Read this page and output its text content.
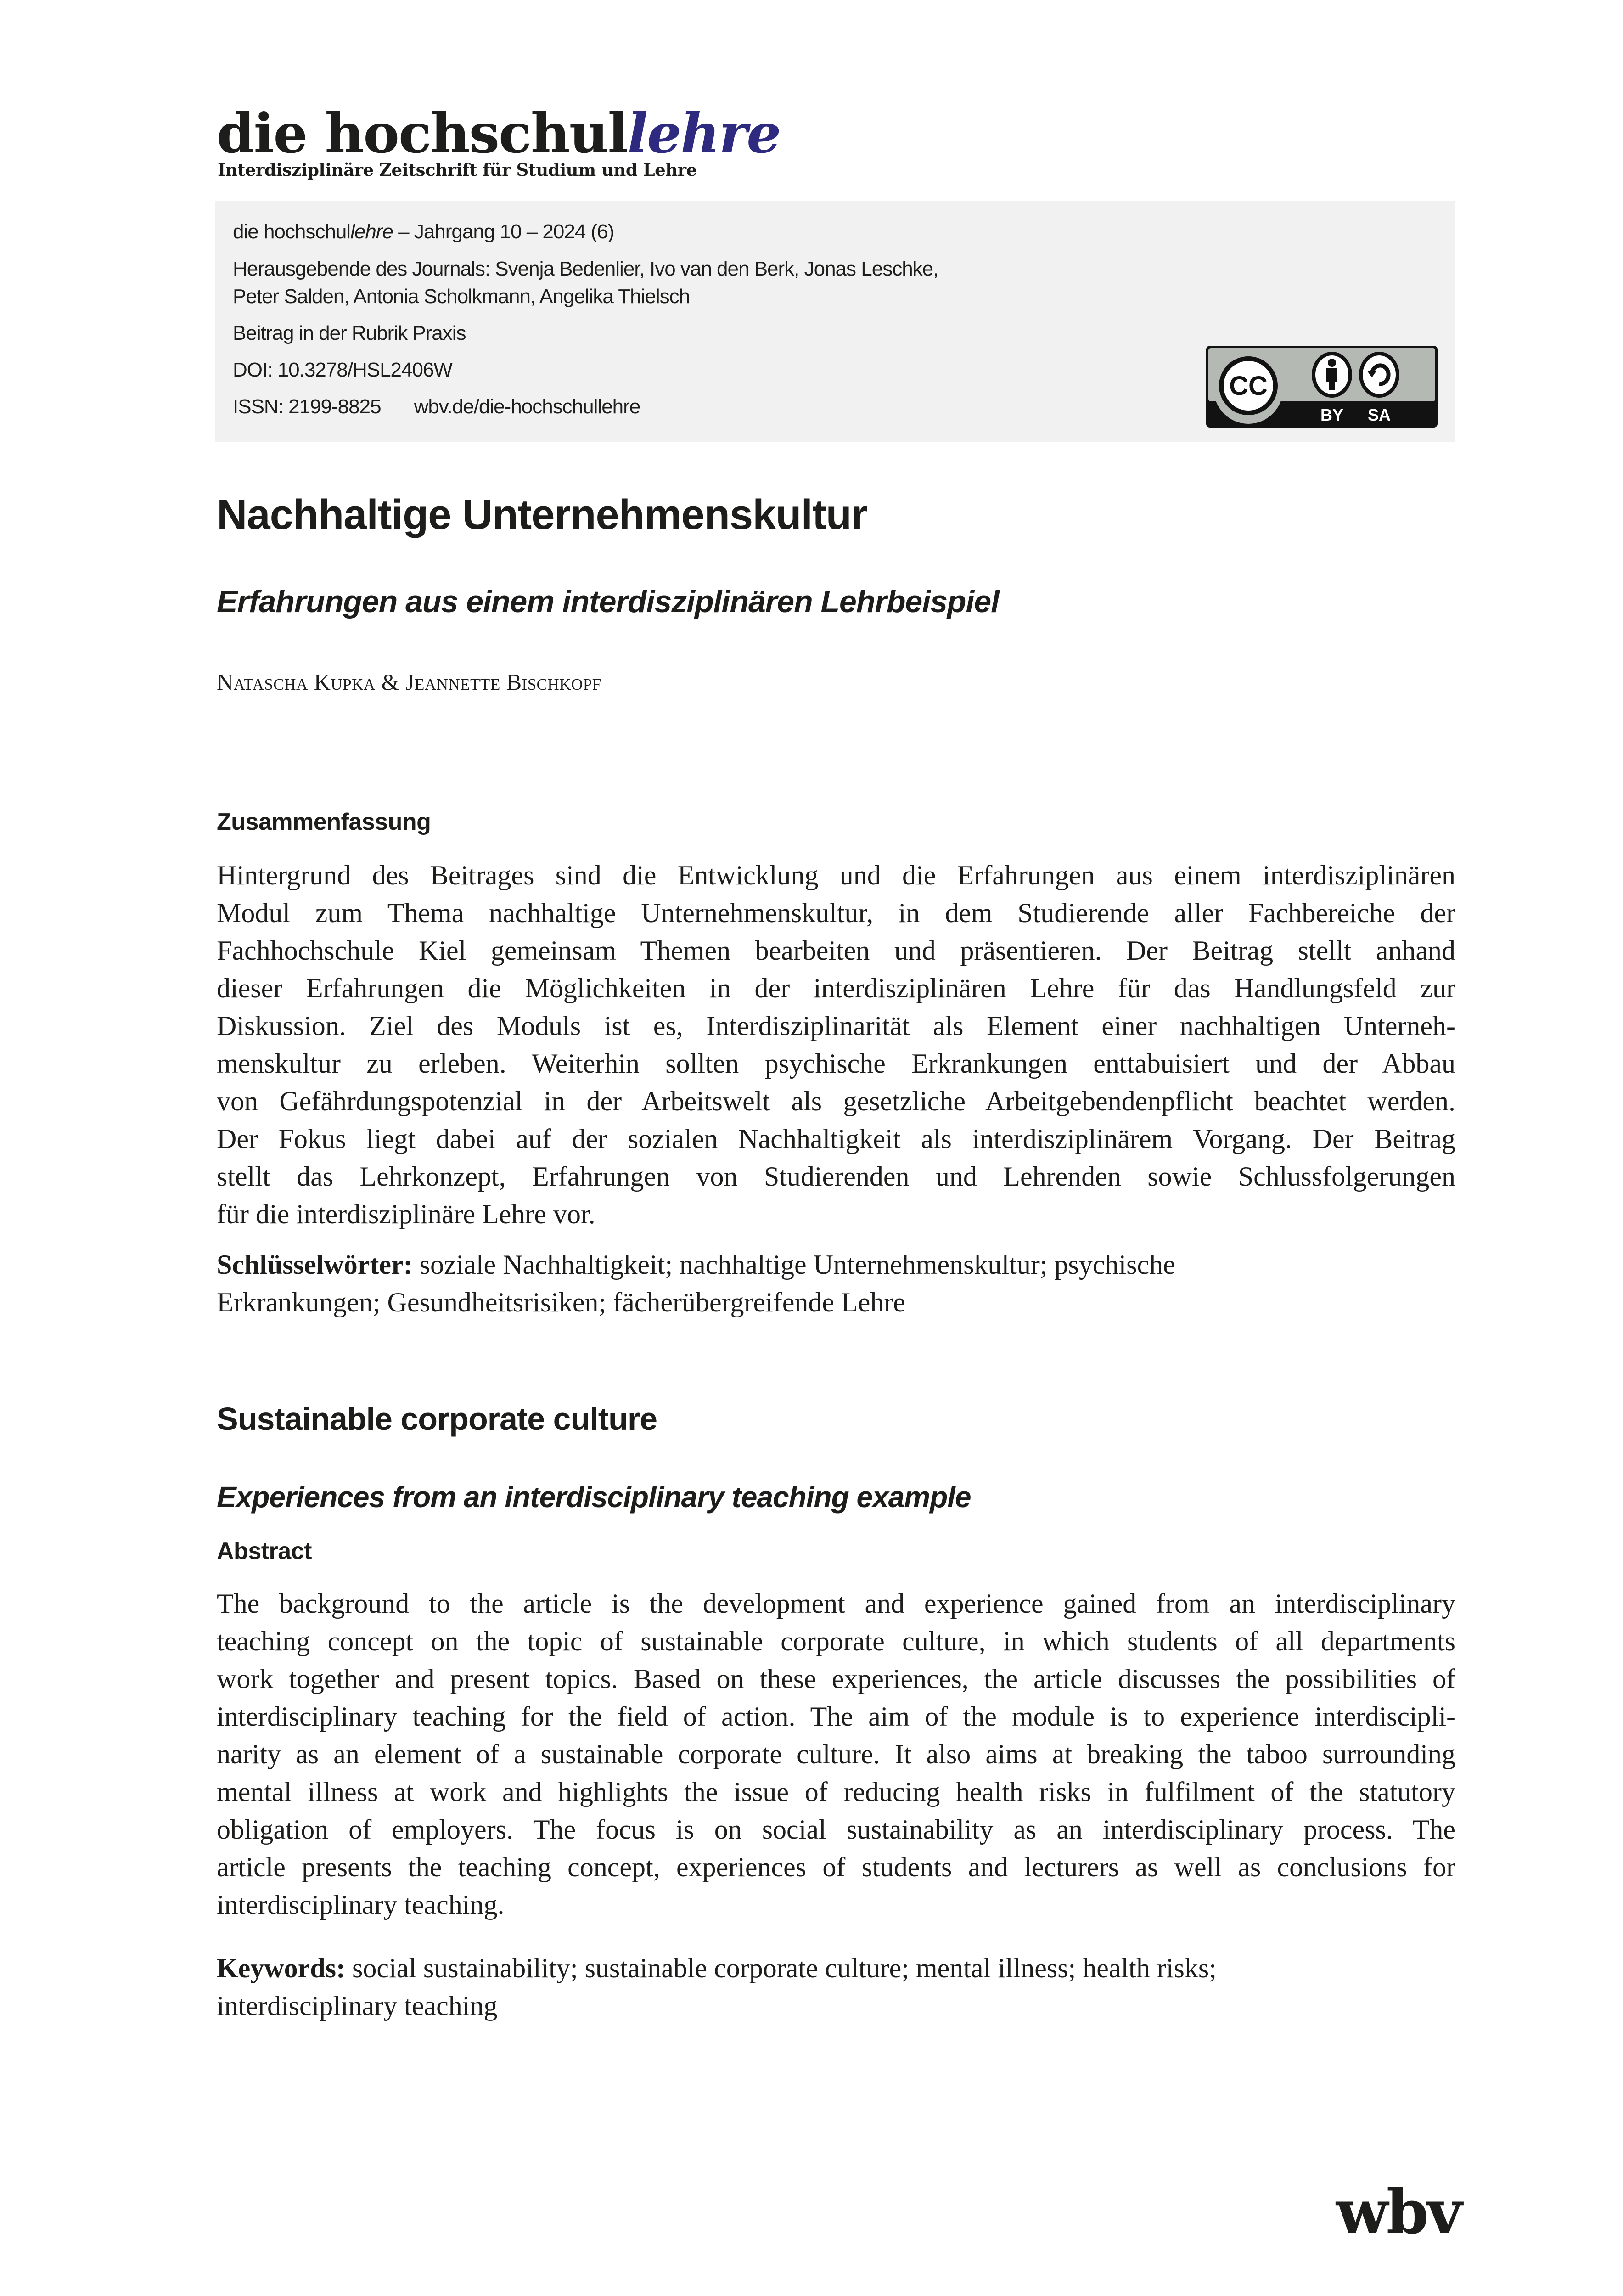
die hochschullehre
Interdisziplinäre Zeitschrift für Studium und Lehre
die hochschullehre – Jahrgang 10 – 2024 (6)
Herausgebende des Journals: Svenja Bedenlier, Ivo van den Berk, Jonas Leschke,
Peter Salden, Antonia Scholkmann, Angelika Thielsch
Beitrag in der Rubrik Praxis
DOI: 10.3278/HSL2406W
ISSN: 2199-8825 wbv.de/die-hochschullehre
CC
BY SA
Nachhaltige Unternehmenskultur
Erfahrungen aus einem interdisziplinären Lehrbeispiel
Natascha Kupka & Jeannette Bischkopf
Zusammenfassung
Hintergrund des Beitrages sind die Entwicklung und die Erfahrungen aus einem interdisziplinären
Modul zum Thema nachhaltige Unternehmenskultur, in dem Studierende aller Fachbereiche der
Fachhochschule Kiel gemeinsam Themen bearbeiten und präsentieren. Der Beitrag stellt anhand
dieser Erfahrungen die Möglichkeiten in der interdisziplinären Lehre für das Handlungsfeld zur
Diskussion. Ziel des Moduls ist es, Interdisziplinarität als Element einer nachhaltigen Unterneh-
menskultur zu erleben. Weiterhin sollten psychische Erkrankungen enttabuisiert und der Abbau
von Gefährdungspotenzial in der Arbeitswelt als gesetzliche Arbeitgebendenpflicht beachtet werden.
Der Fokus liegt dabei auf der sozialen Nachhaltigkeit als interdisziplinärem Vorgang. Der Beitrag
stellt das Lehrkonzept, Erfahrungen von Studierenden und Lehrenden sowie Schlussfolgerungen
für die interdisziplinäre Lehre vor.
Schlüsselwörter: soziale Nachhaltigkeit; nachhaltige Unternehmenskultur; psychische
Erkrankungen; Gesundheitsrisiken; fächerübergreifende Lehre
Sustainable corporate culture
Experiences from an interdisciplinary teaching example
Abstract
The background to the article is the development and experience gained from an interdisciplinary
teaching concept on the topic of sustainable corporate culture, in which students of all departments
work together and present topics. Based on these experiences, the article discusses the possibilities of
interdisciplinary teaching for the field of action. The aim of the module is to experience interdiscipli-
narity as an element of a sustainable corporate culture. It also aims at breaking the taboo surrounding
mental illness at work and highlights the issue of reducing health risks in fulfilment of the statutory
obligation of employers. The focus is on social sustainability as an interdisciplinary process. The
article presents the teaching concept, experiences of students and lecturers as well as conclusions for
interdisciplinary teaching.
Keywords: social sustainability; sustainable corporate culture; mental illness; health risks;
interdisciplinary teaching
wbv
